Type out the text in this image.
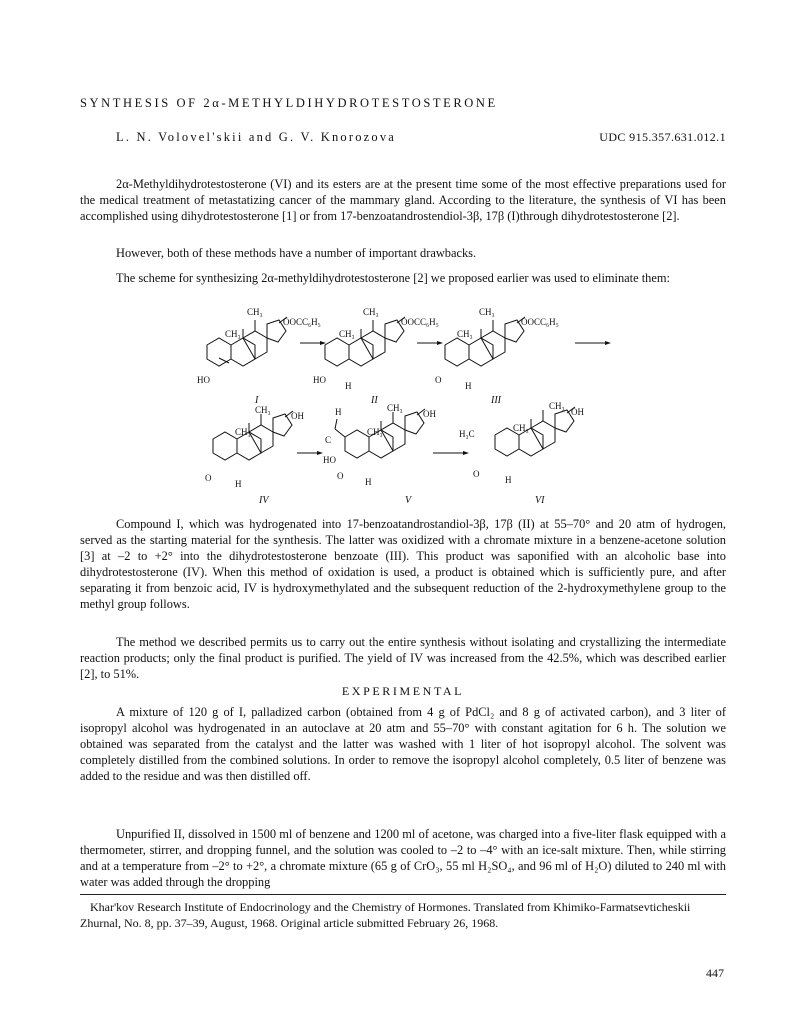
SYNTHESIS OF 2α-METHYLDIHYDROTESTOSTERONE
L. N. Volovel'skii and G. V. Knorozova	UDC 915.357.631.012.1

2α-Methyldihydrotestosterone (VI) and its esters are at the present time some of the most effective preparations used for the medical treatment of metastatizing cancer of the mammary gland. According to the literature, the synthesis of VI has been accomplished using dihydrotestosterone [1] or from 17-benzoatandrostendiol-3β, 17β (I)through dihydrotestosterone [2].

However, both of these methods have a number of important drawbacks.

The scheme for synthesizing 2α-methyldihydrotestosterone [2] we proposed earlier was used to eliminate them:

CH₃
CH₃
OOCC₆H₅
HO
CH₃
CH₃
OOCC₆H₅
HO
H
CH₃
CH₃
OOCC₆H₅
O
H
CH₃
CH₃
OH
O
H
CH₃
CH₃
OH
H
C
HO
O
H
CH₃
CH₃
H₃C
OH
O
H
I	II	III
IV	V	VI

Compound I, which was hydrogenated into 17-benzoatandrostandiol-3β, 17β (II) at 55–70° and 20 atm of hydrogen, served as the starting material for the synthesis. The latter was oxidized with a chromate mixture in a benzene-acetone solution [3] at –2 to +2° into the dihydrotestosterone benzoate (III). This product was saponified with an alcoholic base into dihydrotestosterone (IV). When this method of oxidation is used, a product is obtained which is sufficiently pure, and after separating it from benzoic acid, IV is hydroxymethylated and the subsequent reduction of the 2-hydroxymethylene group to the methyl group follows.

The method we described permits us to carry out the entire synthesis without isolating and crystallizing the intermediate reaction products; only the final product is purified. The yield of IV was increased from the 42.5%, which was described earlier [2], to 51%.

EXPERIMENTAL

A mixture of 120 g of I, palladized carbon (obtained from 4 g of PdCl₂ and 8 g of activated carbon), and 3 liter of isopropyl alcohol was hydrogenated in an autoclave at 20 atm and 55–70° with constant agitation for 6 h. The solution we obtained was separated from the catalyst and the latter was washed with 1 liter of hot isopropyl alcohol. The solvent was completely distilled from the combined solutions. In order to remove the isopropyl alcohol completely, 0.5 liter of benzene was added to the residue and was then distilled off.

Unpurified II, dissolved in 1500 ml of benzene and 1200 ml of acetone, was charged into a five-liter flask equipped with a thermometer, stirrer, and dropping funnel, and the solution was cooled to –2 to –4° with an ice-salt mixture. Then, while stirring and at a temperature from –2° to +2°, a chromate mixture (65 g of CrO₃, 55 ml H₂SO₄, and 96 ml of H₂O) diluted to 240 ml with water was added through the dropping

Khar'kov Research Institute of Endocrinology and the Chemistry of Hormones. Translated from Khimiko-Farmatsevticheskii Zhurnal, No. 8, pp. 37–39, August, 1968. Original article submitted February 26, 1968.
447
